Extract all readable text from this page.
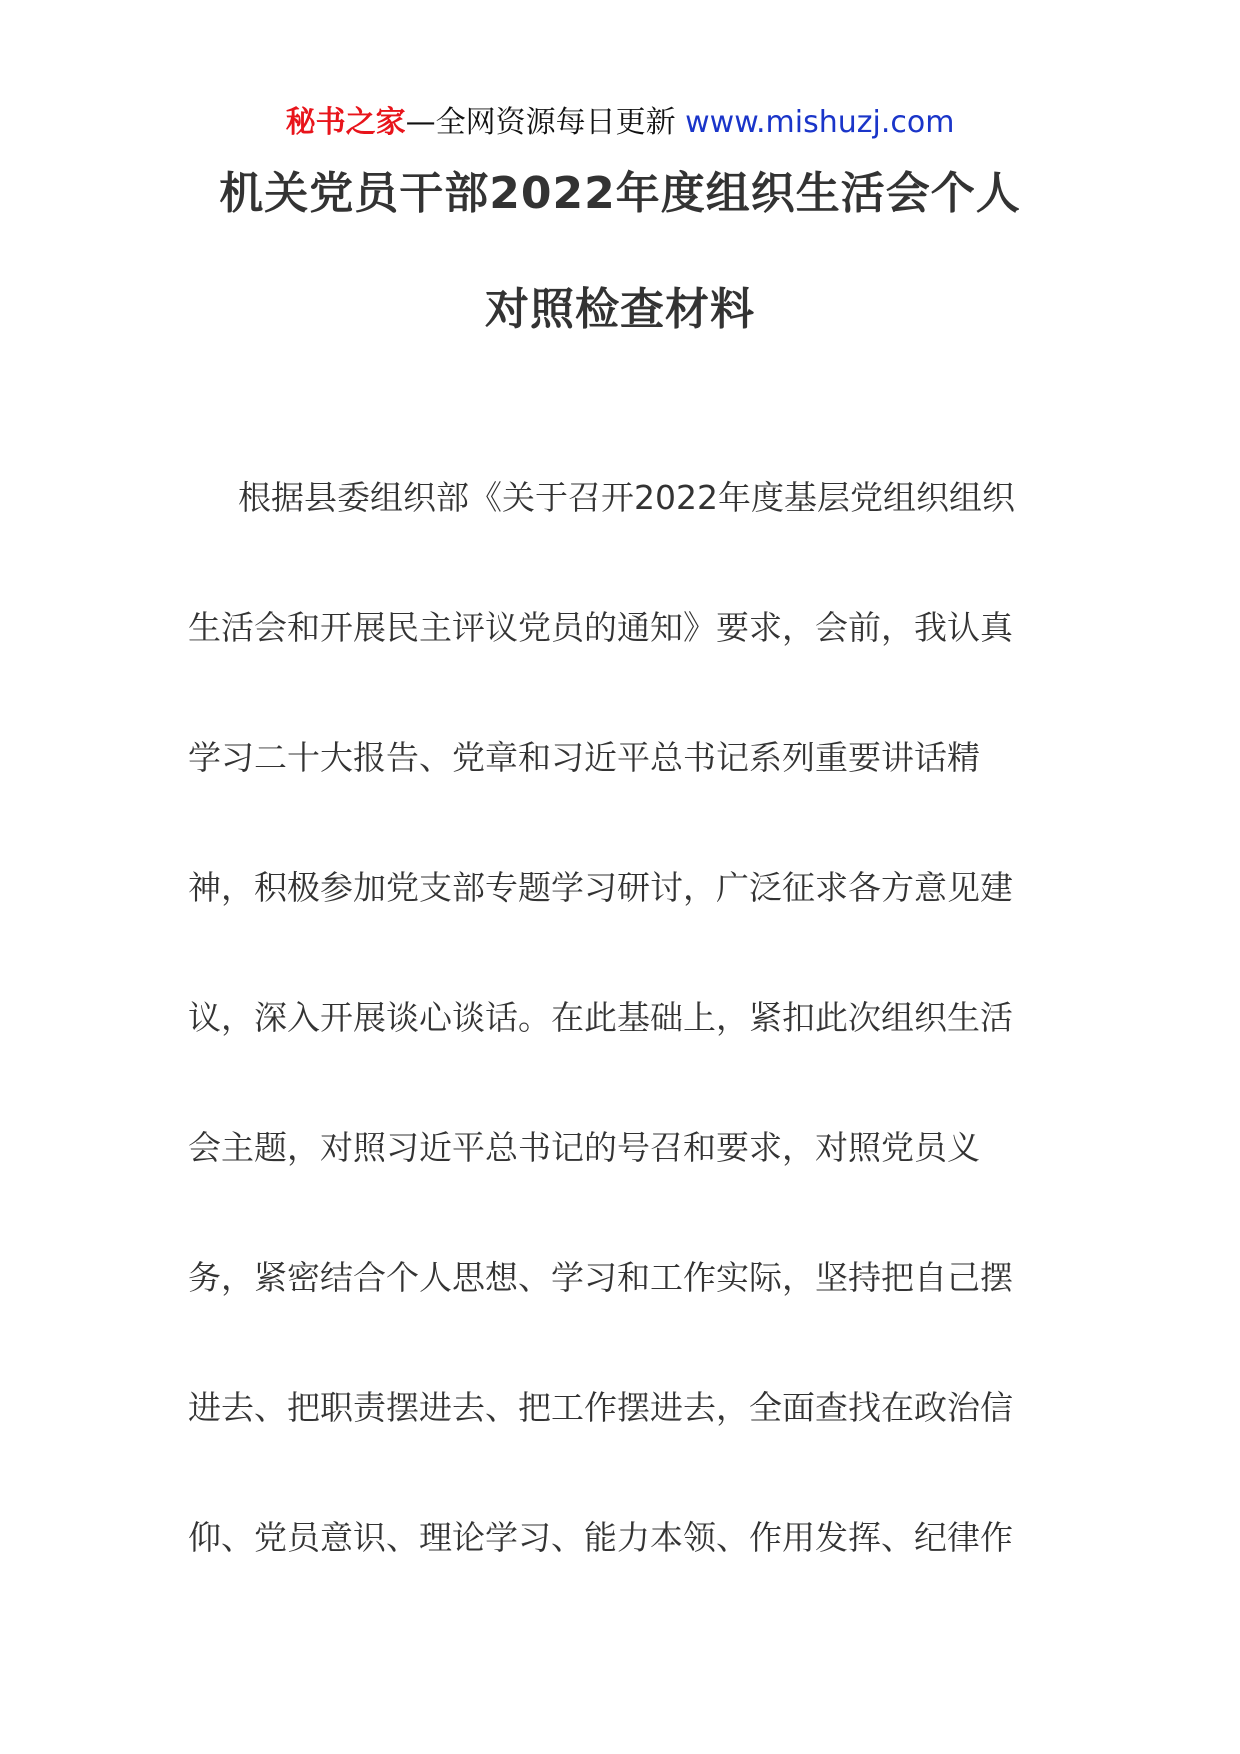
秘书之家—全网资源每日更新 www.mishuzj.com
机关党员干部2022年度组织生活会个人
对照检查材料
根据县委组织部《关于召开2022年度基层党组织组织
生活会和开展民主评议党员的通知》要求，会前，我认真
学习二十大报告、党章和习近平总书记系列重要讲话精
神，积极参加党支部专题学习研讨，广泛征求各方意见建
议，深入开展谈心谈话。在此基础上，紧扣此次组织生活
会主题，对照习近平总书记的号召和要求，对照党员义
务，紧密结合个人思想、学习和工作实际，坚持把自己摆
进去、把职责摆进去、把工作摆进去，全面查找在政治信
仰、党员意识、理论学习、能力本领、作用发挥、纪律作
